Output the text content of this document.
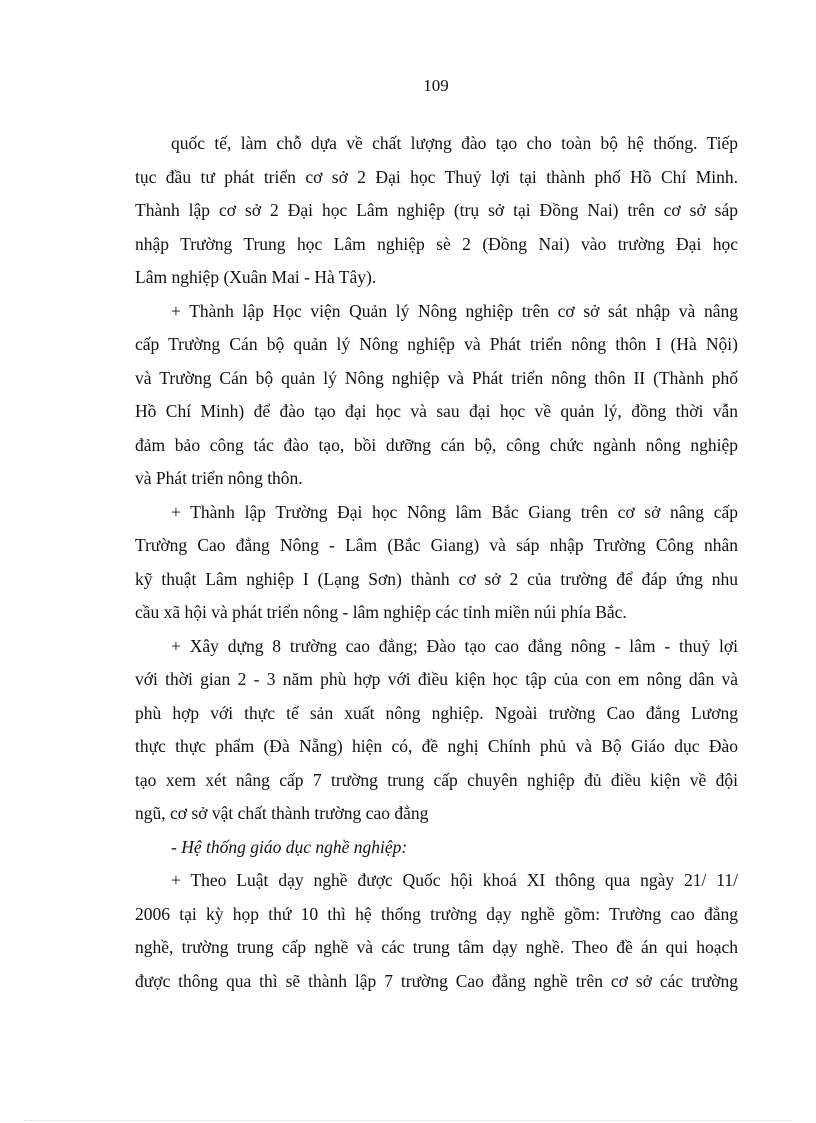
109
quốc tế, làm chỗ dựa về chất lượng đào tạo cho toàn bộ hệ thống. Tiếp
tục đầu tư phát triển cơ sở 2 Đại học Thuỷ lợi tại thành phố Hồ Chí Minh.
Thành lập cơ sở 2 Đại học Lâm nghiệp (trụ sở tại Đồng Nai) trên cơ sở sáp
nhập Trường Trung học Lâm nghiệp sè 2 (Đồng Nai) vào trường Đại học
Lâm nghiệp (Xuân Mai - Hà Tây).
+ Thành lập Học viện Quản lý Nông nghiệp trên cơ sở sát nhập và nâng
cấp Trường Cán bộ quản lý Nông nghiệp và Phát triển nông thôn I (Hà Nội)
và Trường Cán bộ quản lý Nông nghiệp và Phát triển nông thôn II (Thành phố
Hồ Chí Minh) để đào tạo đại học và sau đại học về quản lý, đồng thời vẫn
đảm bảo công tác đào tạo, bồi dưỡng cán bộ, công chức ngành nông nghiệp
và Phát triển nông thôn.
+ Thành lập Trường Đại học Nông lâm Bắc Giang trên cơ sở nâng cấp
Trường Cao đẳng Nông - Lâm (Bắc Giang) và sáp nhập Trường Công nhân
kỹ thuật Lâm nghiệp I (Lạng Sơn) thành cơ sở 2 của trường để đáp ứng nhu
cầu xã hội và phát triển nông - lâm nghiệp các tỉnh miền núi phía Bắc.
+ Xây dựng 8 trường cao đẳng; Đào tạo cao đẳng nông - lâm - thuỷ lợi
với thời gian 2 - 3 năm phù hợp với điều kiện học tập của con em nông dân và
phù hợp với thực tế sản xuất nông nghiệp. Ngoài trường Cao đẳng Lương
thực thực phẩm (Đà Nẵng) hiện có, đề nghị Chính phủ và Bộ Giáo dục Đào
tạo xem xét nâng cấp 7 trường trung cấp chuyên nghiệp đủ điều kiện về đội
ngũ, cơ sở vật chất thành trường cao đẳng
- Hệ thống giáo dục nghề nghiệp:
+ Theo Luật dạy nghề được Quốc hội khoá XI thông qua ngày 21/ 11/
2006 tại kỳ họp thứ 10 thì hệ thống trường dạy nghề gồm: Trường cao đẳng
nghề, trường trung cấp nghề và các trung tâm dạy nghề. Theo đề án qui hoạch
được thông qua thì sẽ thành lập 7 trường Cao đẳng nghề trên cơ sở các trường
